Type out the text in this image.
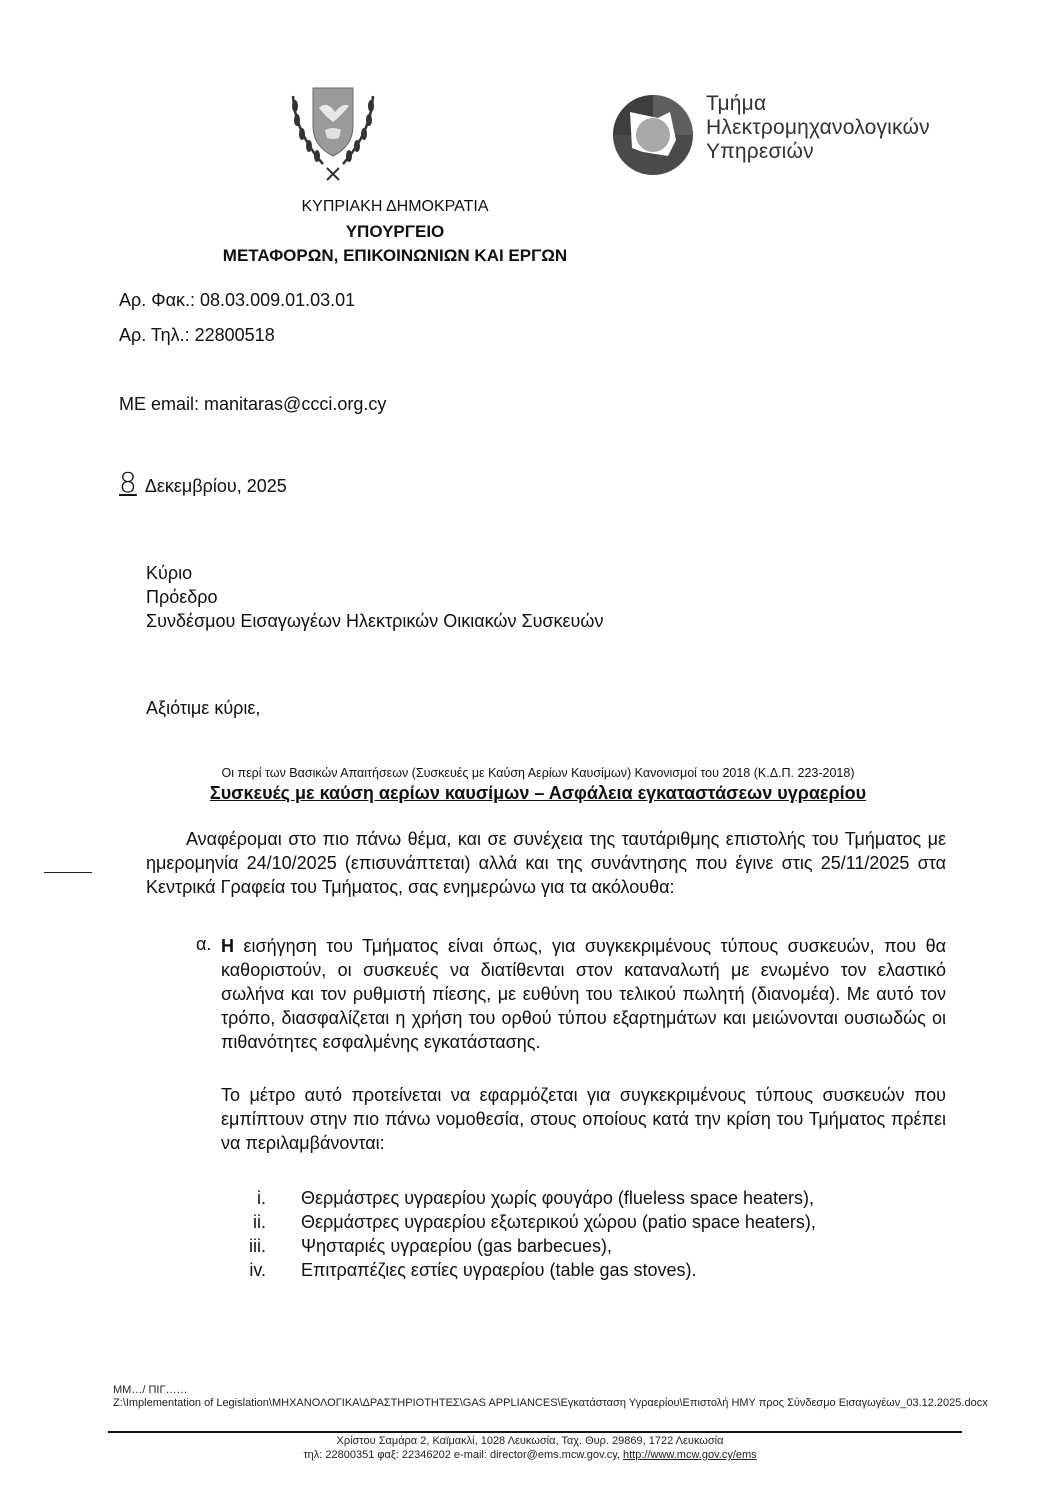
ΚΥΠΡΙΑΚΗ ΔΗΜΟΚΡΑΤΙΑ
ΥΠΟΥΡΓΕΙΟ
ΜΕΤΑΦΟΡΩΝ, ΕΠΙΚΟΙΝΩΝΙΩΝ ΚΑΙ ΕΡΓΩΝ
Τμήμα
Ηλεκτρομηχανολογικών
Υπηρεσιών
Αρ. Φακ.: 08.03.009.01.03.01
Αρ. Τηλ.: 22800518
ΜΕ email: manitaras@ccci.org.cy
8 Δεκεμβρίου, 2025
Κύριο
Πρόεδρο
Συνδέσμου Εισαγωγέων Ηλεκτρικών Οικιακών Συσκευών
Αξιότιμε κύριε,
Οι περί των Βασικών Απαιτήσεων (Συσκευές με Καύση Αερίων Καυσίμων) Κανονισμοί του 2018 (Κ.Δ.Π. 223-2018)
Συσκευές με καύση αερίων καυσίμων – Ασφάλεια εγκαταστάσεων υγραερίου
Αναφέρομαι στο πιο πάνω θέμα, και σε συνέχεια της ταυτάριθμης επιστολής του Τμήματος με ημερομηνία 24/10/2025 (επισυνάπτεται) αλλά και της συνάντησης που έγινε στις 25/11/2025 στα Κεντρικά Γραφεία του Τμήματος, σας ενημερώνω για τα ακόλουθα:
α. Η εισήγηση του Τμήματος είναι όπως, για συγκεκριμένους τύπους συσκευών, που θα καθοριστούν, οι συσκευές να διατίθενται στον καταναλωτή με ενωμένο τον ελαστικό σωλήνα και τον ρυθμιστή πίεσης, με ευθύνη του τελικού πωλητή (διανομέα). Με αυτό τον τρόπο, διασφαλίζεται η χρήση του ορθού τύπου εξαρτημάτων και μειώνονται ουσιωδώς οι πιθανότητες εσφαλμένης εγκατάστασης.
Το μέτρο αυτό προτείνεται να εφαρμόζεται για συγκεκριμένους τύπους συσκευών που εμπίπτουν στην πιο πάνω νομοθεσία, στους οποίους κατά την κρίση του Τμήματος πρέπει να περιλαμβάνονται:
i.	Θερμάστρες υγραερίου χωρίς φουγάρο (flueless space heaters),
ii.	Θερμάστρες υγραερίου εξωτερικού χώρου (patio space heaters),
iii.	Ψησταριές υγραερίου (gas barbecues),
iv.	Επιτραπέζιες εστίες υγραερίου (table gas stoves).
ΜΜ…/ ΠΙΓ……
Z:\Implementation of Legislation\ΜΗΧΑΝΟΛΟΓΙΚΑ\ΔΡΑΣΤΗΡΙΟΤΗΤΕΣ\GAS APPLIANCES\Εγκατάσταση Υγραερίου\Επιστολή ΗΜΥ προς Σύνδεσμο Εισαγωγέων_03.12.2025.docx
Χρίστου Σαμάρα 2, Καϊμακλί, 1028 Λευκωσία, Ταχ. Θυρ. 29869, 1722 Λευκωσία
τηλ: 22800351 φαξ: 22346202 e-mail: director@ems.mcw.gov.cy, http://www.mcw.gov.cy/ems
